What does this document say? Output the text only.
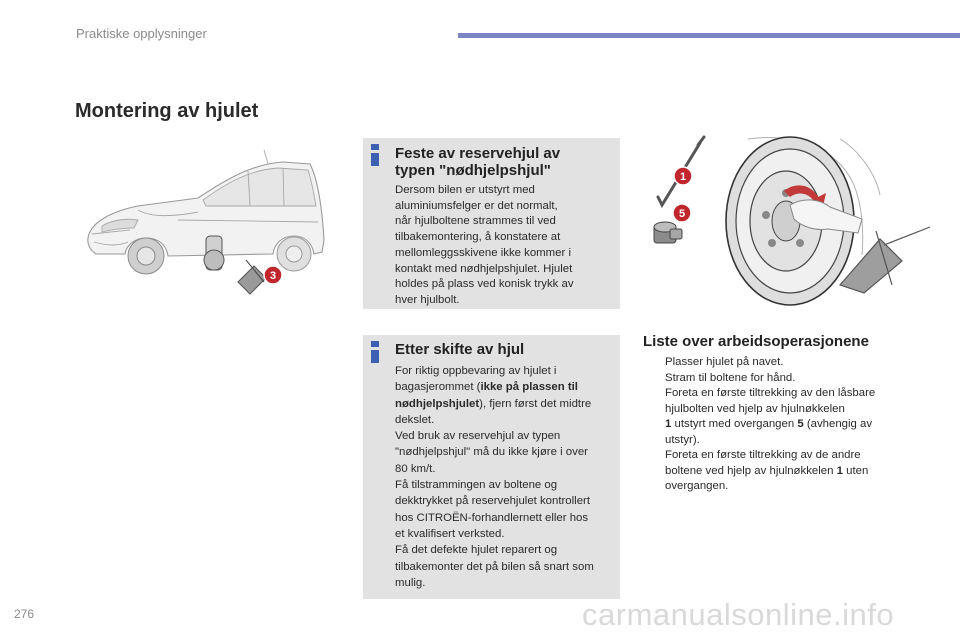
Praktiske opplysninger
Montering av hjulet
3
Feste av reservehjul av
typen "nødhjelpshjul"
Dersom bilen er utstyrt med
aluminiumsfelger er det normalt,
når hjulboltene strammes til ved
tilbakemontering, å konstatere at
mellomleggsskivene ikke kommer i
kontakt med nødhjelpshjulet. Hjulet
holdes på plass ved konisk trykk av
hver hjulbolt.
Etter skifte av hjul
For riktig oppbevaring av hjulet i
bagasjerommet (ikke på plassen til
nødhjelpshjulet), fjern først det midtre
dekslet.
Ved bruk av reservehjul av typen
"nødhjelpshjul" må du ikke kjøre i over
80 km/t.
Få tilstrammingen av boltene og
dekktrykket på reservehjulet kontrollert
hos CITROËN-forhandlernett eller hos
et kvalifisert verksted.
Få det defekte hjulet reparert og
tilbakemonter det på bilen så snart som
mulig.
1
5
Liste over arbeidsoperasjonene
Plasser hjulet på navet.
Stram til boltene for hånd.
Foreta en første tiltrekking av den låsbare
hjulbolten ved hjelp av hjulnøkkelen
1 utstyrt med overgangen 5 (avhengig av
utstyr).
Foreta en første tiltrekking av de andre
boltene ved hjelp av hjulnøkkelen 1 uten
overgangen.
276	carmanualsonline.info
